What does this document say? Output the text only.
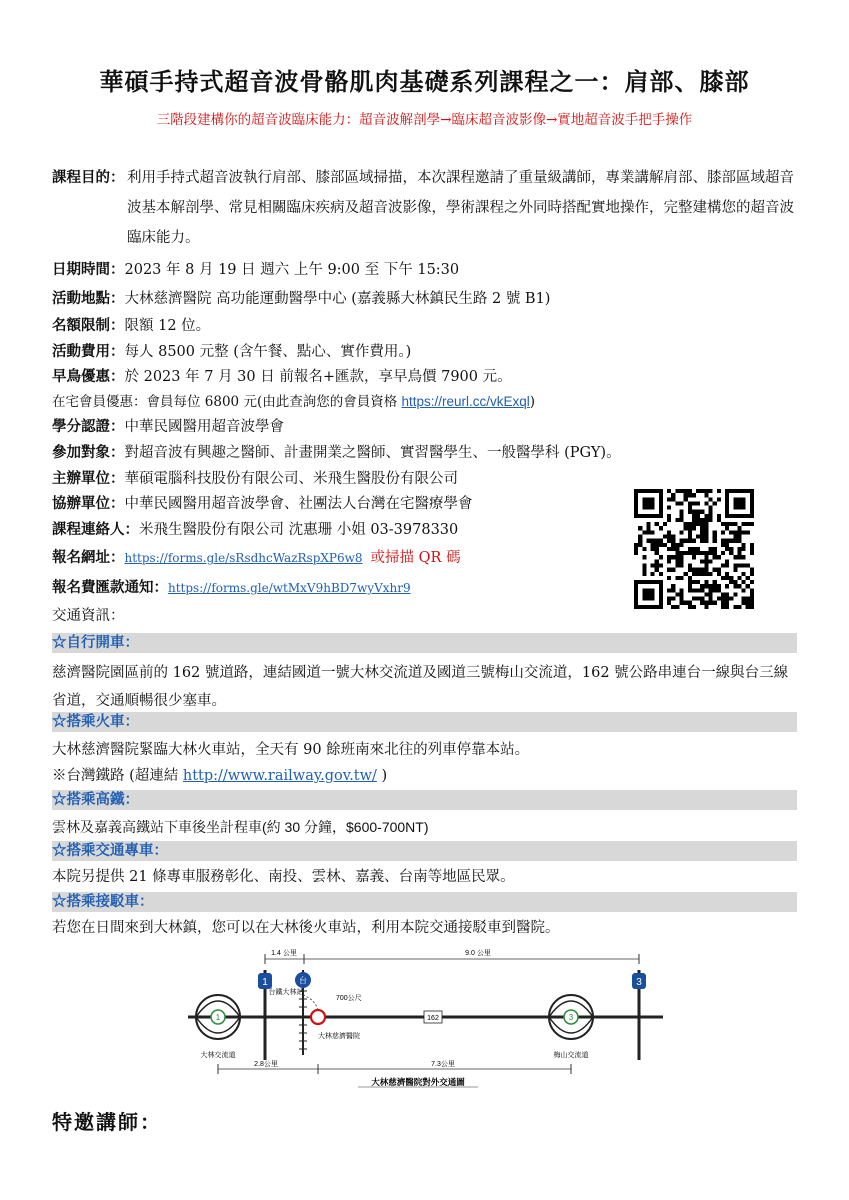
華碩手持式超音波骨骼肌肉基礎系列課程之一：肩部、膝部
三階段建構你的超音波臨床能力：超音波解剖學→臨床超音波影像→實地超音波手把手操作
課程目的： 利用手持式超音波執行肩部、膝部區域掃描，本次課程邀請了重量級講師，專業講解肩部、膝部區域超音波基本解剖學、常見相關臨床疾病及超音波影像，學術課程之外同時搭配實地操作，完整建構您的超音波臨床能力。
日期時間：2023 年 8 月 19 日 週六 上午 9:00 至 下午 15:30
活動地點：大林慈濟醫院 高功能運動醫學中心 (嘉義縣大林鎮民生路 2 號 B1)
名額限制：限額 12 位。
活動費用：每人 8500 元整 (含午餐、點心、實作費用。)
早鳥優惠：於 2023 年 7 月 30 日 前報名+匯款，享早鳥價 7900 元。
在宅會員優惠：會員每位 6800 元(由此查詢您的會員資格 https://reurl.cc/vkExql)
學分認證：中華民國醫用超音波學會
參加對象：對超音波有興趣之醫師、計畫開業之醫師、實習醫學生、一般醫學科 (PGY)。
主辦單位：華碩電腦科技股份有限公司、米飛生醫股份有限公司
協辦單位：中華民國醫用超音波學會、社團法人台灣在宅醫療學會
課程連絡人：米飛生醫股份有限公司 沈惠珊 小姐 03-3978330
報名網址：https://forms.gle/sRsdhcWazRspXP6w8 或掃描 QR 碼
報名費匯款通知：https://forms.gle/wtMxV9hBD7wyVxhr9
交通資訊：
☆自行開車：
慈濟醫院園區前的 162 號道路，連結國道一號大林交流道及國道三號梅山交流道，162 號公路串連台一線與台三線省道，交通順暢很少塞車。
☆搭乘火車：
大林慈濟醫院緊臨大林火車站，全天有 90 餘班南來北往的列車停靠本站。
※台灣鐵路 (超連結 http://www.railway.gov.tw/ )
☆搭乘高鐵：
雲林及嘉義高鐵站下車後坐計程車(約 30 分鐘，$600-700NT)
☆搭乘交通專車：
本院另提供 21 條專車服務彰化、南投、雲林、嘉義、台南等地區民眾。
☆搭乘接駁車：
若您在日間來到大林鎮，您可以在大林後火車站，利用本院交通接駁車到醫院。
1.4 公里	9.0 公里
1	3
1	3
台
台鐵大林站
700公尺
大林慈濟醫院
162
大林交流道	梅山交流道
2.8公里	7.3公里
大林慈濟醫院對外交通圖
特邀講師：
